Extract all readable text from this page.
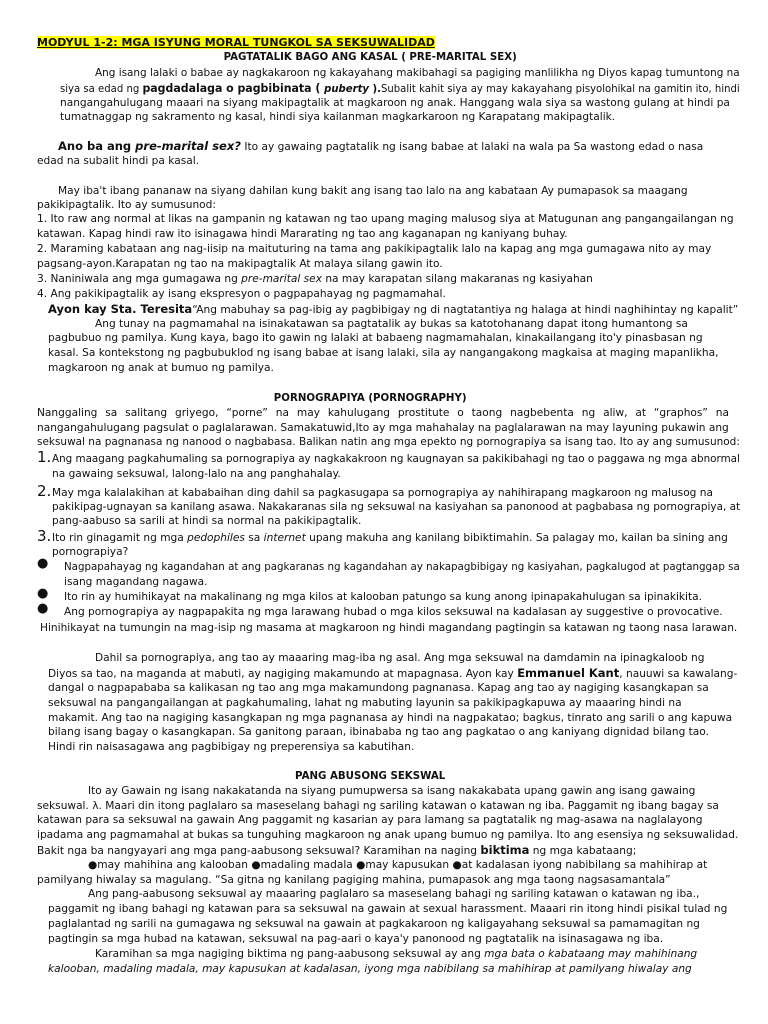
MODYUL 1-2: MGA ISYUNG MORAL TUNGKOL SA SEKSUWALIDAD
PAGTATALIK BAGO ANG KASAL ( PRE-MARITAL SEX)
Ang isang lalaki o babae ay nagkakaroon ng kakayahang makibahagi sa pagiging manlilikha ng Diyos kapag tumuntong na
siya sa edad ng pagdadalaga o pagbibinata ( puberty ).Subalit kahit siya ay may kakayahang pisyolohikal na gamitin ito, hindi
nangangahulugang maaari na siyang makipagtalik at magkaroon ng anak. Hanggang wala siya sa wastong gulang at hindi pa
tumatnaggap ng sakramento ng kasal, hindi siya kailanman magkarkaroon ng Karapatang makipagtalik.
Ano ba ang pre-marital sex? Ito ay gawaing pagtatalik ng isang babae at lalaki na wala pa Sa wastong edad o nasa
edad na subalit hindi pa kasal.
May iba't ibang pananaw na siyang dahilan kung bakit ang isang tao lalo na ang kabataan Ay pumapasok sa maagang
pakikipagtalik. Ito ay sumusunod:
1. Ito raw ang normal at likas na gampanin ng katawan ng tao upang maging malusog siya at Matugunan ang pangangailangan ng
katawan. Kapag hindi raw ito isinagawa hindi Mararating ng tao ang kaganapan ng kaniyang buhay.
2. Maraming kabataan ang nag-iisip na maituturing na tama ang pakikipagtalik lalo na kapag ang mga gumagawa nito ay may
pagsang-ayon.Karapatan ng tao na makipagtalik At malaya silang gawin ito.
3. Naniniwala ang mga gumagawa ng pre-marital sex na may karapatan silang makaranas ng kasiyahan
4. Ang pakikipagtalik ay isang ekspresyon o pagpapahayag ng pagmamahal.
Ayon kay Sta. Teresita“Ang mabuhay sa pag-ibig ay pagbibigay ng di nagtatantiya ng halaga at hindi naghihintay ng kapalit”
Ang tunay na pagmamahal na isinakatawan sa pagtatalik ay bukas sa katotohanang dapat itong humantong sa
pagbubuo ng pamilya. Kung kaya, bago ito gawin ng lalaki at babaeng nagmamahalan, kinakailangang ito'y pinasbasan ng
kasal. Sa kontekstong ng pagbubuklod ng isang babae at isang lalaki, sila ay nangangakong magkaisa at maging mapanlikha,
magkaroon ng anak at bumuo ng pamilya.
PORNOGRAPIYA (PORNOGRAPHY)
Nanggaling sa salitang griyego, “porne” na may kahulugang prostitute o taong nagbebenta ng aliw, at “graphos” na
nangangahulugang pagsulat o paglalarawan. Samakatuwid,Ito ay mga mahahalay na paglalarawan na may layuning pukawin ang
seksuwal na pagnanasa ng nanood o nagbabasa. Balikan natin ang mga epekto ng pornograpiya sa isang tao. Ito ay ang sumusunod:
1. Ang maagang pagkahumaling sa pornograpiya ay nagkakakroon ng kaugnayan sa pakikibahagi ng tao o paggawa ng mga abnormal
na gawaing seksuwal, lalong-lalo na ang panghahalay.
2. May mga kalalakihan at kababaihan ding dahil sa pagkasugapa sa pornograpiya ay nahihirapang magkaroon ng malusog na
pakikipag-ugnayan sa kanilang asawa. Nakakaranas sila ng seksuwal na kasiyahan sa panonood at pagbabasa ng pornograpiya, at
pang-aabuso sa sarili at hindi sa normal na pakikipagtalik.
3. Ito rin ginagamit ng mga pedophiles sa internet upang makuha ang kanilang bibiktimahin. Sa palagay mo, kailan ba sining ang
pornograpiya?
● Nagpapahayag ng kagandahan at ang pagkaranas ng kagandahan ay nakapagbibigay ng kasiyahan, pagkalugod at pagtanggap sa
isang magandang nagawa.
● Ito rin ay humihikayat na makalinang ng mga kilos at kalooban patungo sa kung anong ipinapakahulugan sa ipinakikita.
● Ang pornograpiya ay nagpapakita ng mga larawang hubad o mga kilos seksuwal na kadalasan ay suggestive o provocative.
Hinihikayat na tumungin na mag-isip ng masama at magkaroon ng hindi magandang pagtingin sa katawan ng taong nasa larawan.
Dahil sa pornograpiya, ang tao ay maaaring mag-iba ng asal. Ang mga seksuwal na damdamin na ipinagkaloob ng
Diyos sa tao, na maganda at mabuti, ay nagiging makamundo at mapagnasa. Ayon kay Emmanuel Kant, nauuwi sa kawalang-
dangal o nagpapababa sa kalikasan ng tao ang mga makamundong pagnanasa. Kapag ang tao ay nagiging kasangkapan sa
seksuwal na pangangailangan at pagkahumaling, lahat ng mabuting layunin sa pakikipagkapuwa ay maaaring hindi na
makamit. Ang tao na nagiging kasangkapan ng mga pagnanasa ay hindi na nagpakatao; bagkus, tinrato ang sarili o ang kapuwa
bilang isang bagay o kasangkapan. Sa ganitong paraan, ibinababa ng tao ang pagkatao o ang kaniyang dignidad bilang tao.
Hindi rin naisasagawa ang pagbibigay ng preperensiya sa kabutihan.
PANG ABUSONG SEKSWAL
Ito ay Gawain ng isang nakakatanda na siyang pumupwersa sa isang nakakabata upang gawin ang isang gawaing
seksuwal. λ. Maari din itong paglalaro sa maseselang bahagi ng sariling katawan o katawan ng iba. Paggamit ng ibang bagay sa
katawan para sa seksuwal na gawain Ang paggamit ng kasarian ay para lamang sa pagtatalik ng mag-asawa na naglalayong
ipadama ang pagmamahal at bukas sa tunguhing magkaroon ng anak upang bumuo ng pamilya. Ito ang esensiya ng seksuwalidad.
Bakit nga ba nangyayari ang mga pang-aabusong seksuwal? Karamihan na naging biktima ng mga kabataang;
●may mahihina ang kalooban ●madaling madala ●may kapusukan ●at kadalasan iyong nabibilang sa mahihirap at
pamilyang hiwalay sa magulang. “Sa gitna ng kanilang pagiging mahina, pumapasok ang mga taong nagsasamantala”
Ang pang-aabusong seksuwal ay maaaring paglalaro sa maseselang bahagi ng sariling katawan o katawan ng iba.,
paggamit ng ibang bahagi ng katawan para sa seksuwal na gawain at sexual harassment. Maaari rin itong hindi pisikal tulad ng
paglalantad ng sarili na gumagawa ng seksuwal na gawain at pagkakaroon ng kaligayahang seksuwal sa pamamagitan ng
pagtingin sa mga hubad na katawan, seksuwal na pag-aari o kaya'y panonood ng pagtatalik na isinasagawa ng iba.
Karamihan sa mga nagiging biktima ng pang-aabusong seksuwal ay ang mga bata o kabataang may mahihinang
kalooban, madaling madala, may kapusukan at kadalasan, iyong mga nabibilang sa mahihirap at pamilyang hiwalay ang
